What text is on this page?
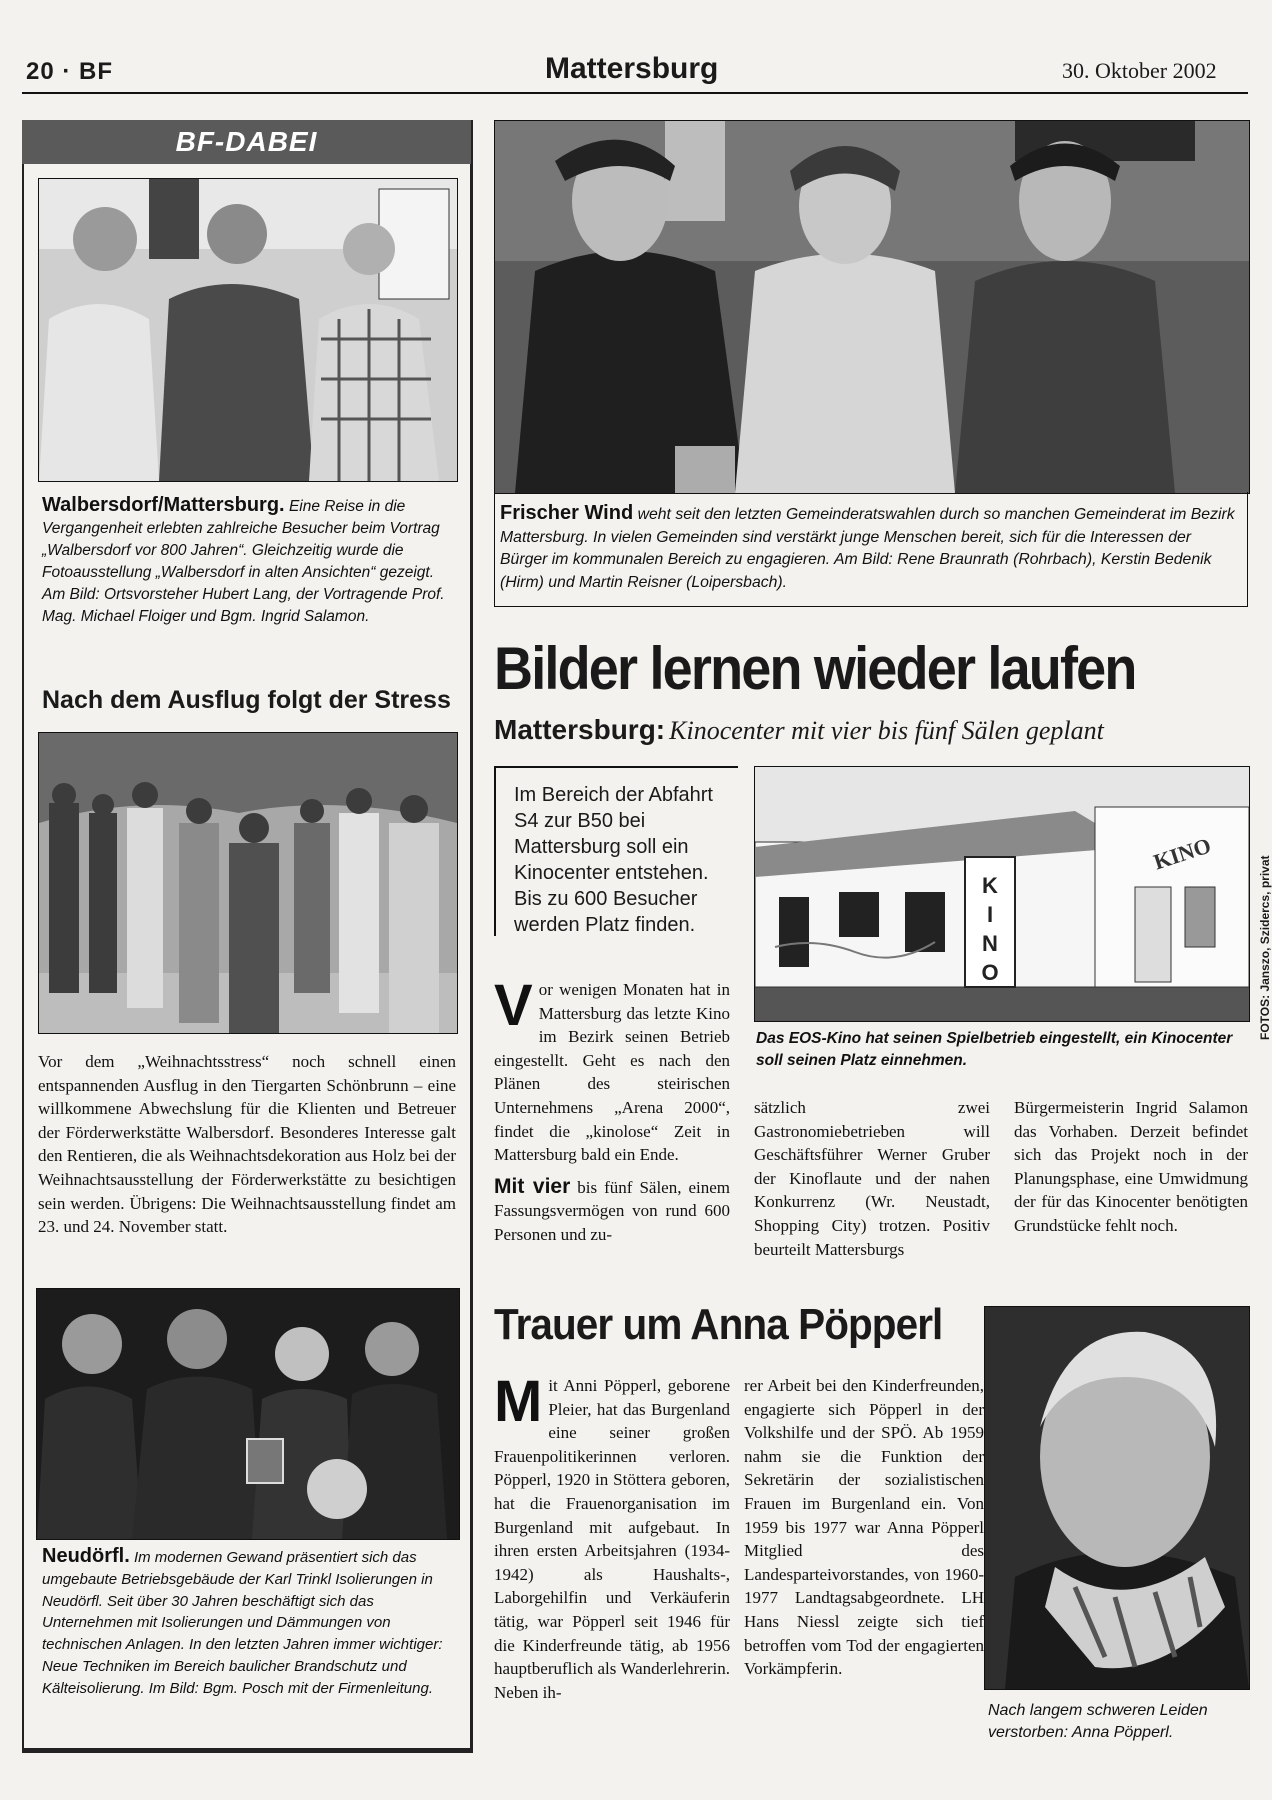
20 · BF	Mattersburg	30. Oktober 2002
BF-DABEI
Walbersdorf/Mattersburg. Eine Reise in die Vergangenheit erlebten zahlreiche Besucher beim Vortrag „Walbersdorf vor 800 Jahren“. Gleichzeitig wurde die Fotoausstellung „Walbersdorf in alten Ansichten“ gezeigt. Am Bild: Ortsvorsteher Hubert Lang, der Vortragende Prof. Mag. Michael Floiger und Bgm. Ingrid Salamon.
Nach dem Ausflug folgt der Stress
Vor dem „Weihnachtsstress“ noch schnell einen entspannenden Ausflug in den Tiergarten Schönbrunn – eine willkommene Abwechslung für die Klienten und Betreuer der Förderwerkstätte Walbersdorf. Besonderes Interesse galt den Rentieren, die als Weihnachtsdekoration aus Holz bei der Weihnachtsausstellung der Förderwerkstätte zu besichtigen sein werden. Übrigens: Die Weihnachtsausstellung findet am 23. und 24. November statt.
Neudörfl. Im modernen Gewand präsentiert sich das umgebaute Betriebsgebäude der Karl Trinkl Isolierungen in Neudörfl. Seit über 30 Jahren beschäftigt sich das Unternehmen mit Isolierungen und Dämmungen von technischen Anlagen. In den letzten Jahren immer wichtiger: Neue Techniken im Bereich baulicher Brandschutz und Kälteisolierung. Im Bild: Bgm. Posch mit der Firmenleitung.
Frischer Wind weht seit den letzten Gemeinderatswahlen durch so manchen Gemeinderat im Bezirk Mattersburg. In vielen Gemeinden sind verstärkt junge Menschen bereit, sich für die Interessen der Bürger im kommunalen Bereich zu engagieren. Am Bild: Rene Braunrath (Rohrbach), Kerstin Bedenik (Hirm) und Martin Reisner (Loipersbach).
Bilder lernen wieder laufen
Mattersburg: Kinocenter mit vier bis fünf Sälen geplant
Im Bereich der Abfahrt S4 zur B50 bei Mattersburg soll ein Kinocenter entstehen. Bis zu 600 Besucher werden Platz finden.
K
I
N
O
KINO
FOTOS: Janszo, Szidercs, privat
Das EOS-Kino hat seinen Spielbetrieb eingestellt, ein Kinocenter soll seinen Platz einnehmen.
Vor wenigen Monaten hat in Mattersburg das letzte Kino im Bezirk seinen Betrieb eingestellt. Geht es nach den Plänen des steirischen Unternehmens „Arena 2000“, findet die „kinolose“ Zeit in Mattersburg bald ein Ende.
Mit vier bis fünf Sälen, einem Fassungsvermögen von rund 600 Personen und zu-
sätzlich zwei Gastronomiebetrieben will Geschäftsführer Werner Gruber der Kinoflaute und der nahen Konkurrenz (Wr. Neustadt, Shopping City) trotzen. Positiv beurteilt Mattersburgs
Bürgermeisterin Ingrid Salamon das Vorhaben. Derzeit befindet sich das Projekt noch in der Planungsphase, eine Umwidmung der für das Kinocenter benötigten Grundstücke fehlt noch.
Trauer um Anna Pöpperl
Mit Anni Pöpperl, geborene Pleier, hat das Burgenland eine seiner großen Frauenpolitikerinnen verloren. Pöpperl, 1920 in Stöttera geboren, hat die Frauenorganisation im Burgenland mit aufgebaut. In ihren ersten Arbeitsjahren (1934-1942) als Haushalts-, Laborgehilfin und Verkäuferin tätig, war Pöpperl seit 1946 für die Kinderfreunde tätig, ab 1956 hauptberuflich als Wanderlehrerin. Neben ih-
rer Arbeit bei den Kinderfreunden, engagierte sich Pöpperl in der Volkshilfe und der SPÖ. Ab 1959 nahm sie die Funktion der Sekretärin der sozialistischen Frauen im Burgenland ein. Von 1959 bis 1977 war Anna Pöpperl Mitglied des Landesparteivorstandes, von 1960-1977 Landtagsabgeordnete. LH Hans Niessl zeigte sich tief betroffen vom Tod der engagierten Vorkämpferin.
Nach langem schweren Leiden verstorben: Anna Pöpperl.
